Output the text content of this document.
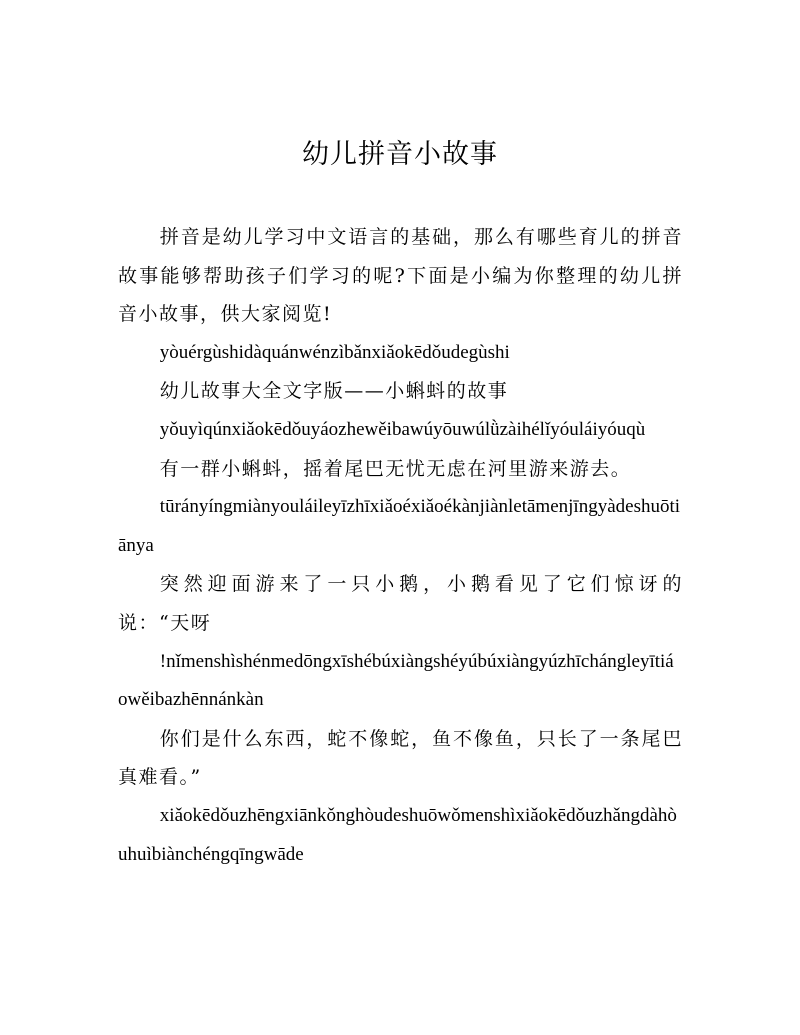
幼儿拼音小故事

拼音是幼儿学习中文语言的基础，那么有哪些育儿的拼音故事能够帮助孩子们学习的呢?下面是小编为你整理的幼儿拼音小故事，供大家阅览!

yòuérgùshidàquánwénzìbǎnxiǎokēdǒudegùshi

幼儿故事大全文字版——小蝌蚪的故事

yǒuyìqúnxiǎokēdǒuyáozhewěibawúyōuwúlǜzàihélǐyóuláiyóuqù

有一群小蝌蚪，摇着尾巴无忧无虑在河里游来游去。

tūrányíngmiànyouláileyīzhīxiǎoéxiǎoékànjiànletāmenjīngyàdeshuōtiānya

突然迎面游来了一只小鹅，小鹅看见了它们惊讶的说：“天呀

!nǐmenshìshénmedōngxīshébúxiàngshéyúbúxiàngyúzhīchángleyītiáowěibazhēnnánkàn

你们是什么东西，蛇不像蛇，鱼不像鱼，只长了一条尾巴真难看。”

xiǎokēdǒuzhēngxiānkǒnghòudeshuōwǒmenshìxiǎokēdǒuzhǎngdàhòuhuìbiànchéngqīngwāde
